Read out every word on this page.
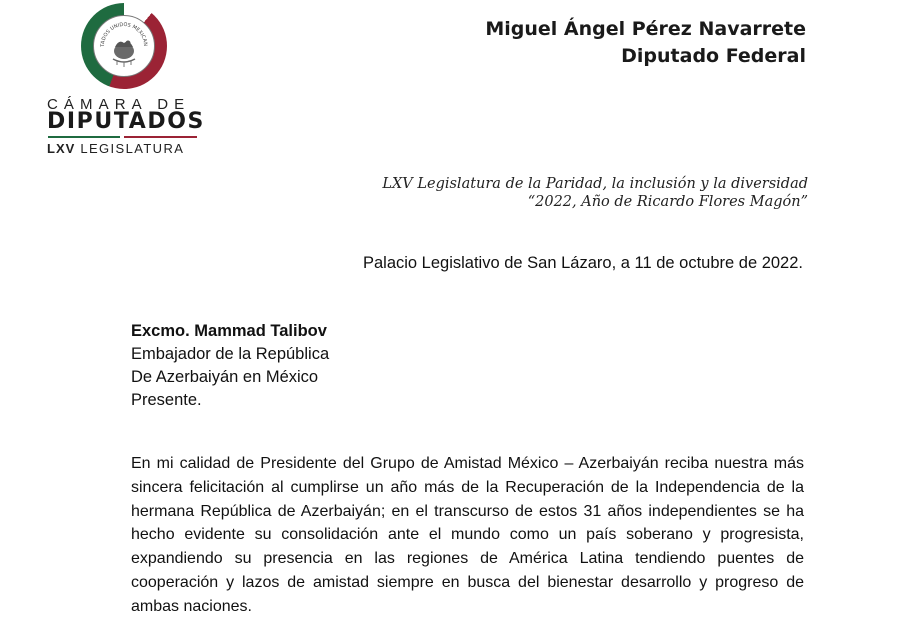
TADOS UNIDOS MEXICAN
CÁMARA DE
DIPUTADOS
LXV LEGISLATURA
Miguel Ángel Pérez Navarrete
Diputado Federal
LXV Legislatura de la Paridad, la inclusión y la diversidad
“2022, Año de Ricardo Flores Magón”
Palacio Legislativo de San Lázaro, a 11 de octubre de 2022.
Excmo. Mammad Talibov
Embajador de la República
De Azerbaiyán en México
Presente.
En mi calidad de Presidente del Grupo de Amistad México – Azerbaiyán reciba nuestra más sincera felicitación al cumplirse un año más de la Recuperación de la Independencia de la hermana República de Azerbaiyán; en el transcurso de estos 31 años independientes se ha hecho evidente su consolidación ante el mundo como un país soberano y progresista, expandiendo su presencia en las regiones de América Latina tendiendo puentes de cooperación y lazos de amistad siempre en busca del bienestar desarrollo y progreso de ambas naciones.
